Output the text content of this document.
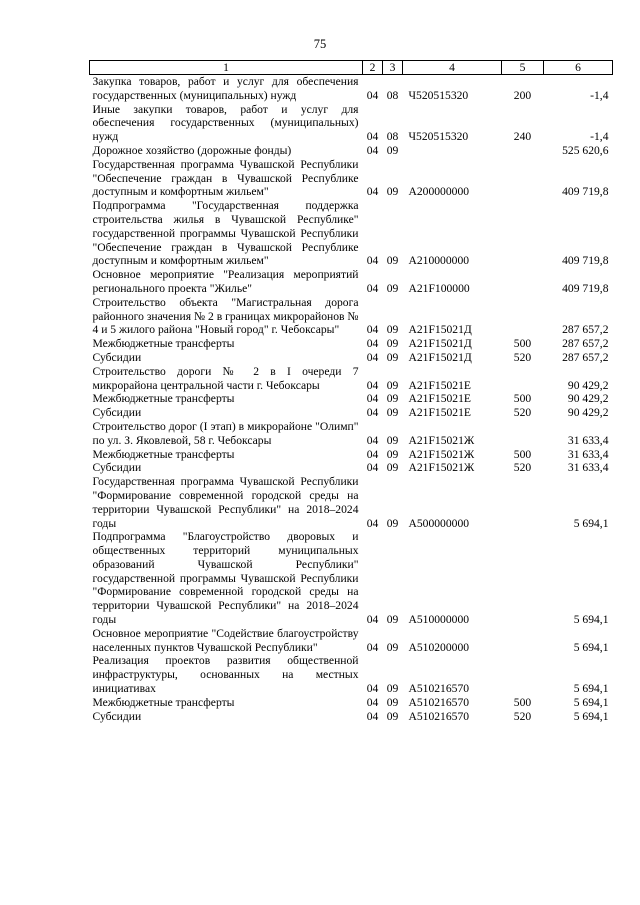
75
1	2	3	4	5	6
Закупка товаров, работ и услуг для обеспечения государственных (муниципальных) нужд	04	08	Ч520515320	200	-1,4
Иные закупки товаров, работ и услуг для обеспечения государственных (муниципальных) нужд	04	08	Ч520515320	240	-1,4
Дорожное хозяйство (дорожные фонды)	04	09			525 620,6
Государственная программа Чувашской Республики "Обеспечение граждан в Чувашской Республике доступным и комфортным жильем"	04	09	A200000000		409 719,8
Подпрограмма "Государственная поддержка строительства жилья в Чувашской Республике" государственной программы Чувашской Республики "Обеспечение граждан в Чувашской Республике доступным и комфортным жильем"	04	09	A210000000		409 719,8
Основное мероприятие "Реализация мероприятий регионального проекта "Жилье"	04	09	A21F100000		409 719,8
Строительство объекта "Магистральная дорога районного значения № 2 в границах микрорайонов № 4 и 5 жилого района "Новый город" г. Чебоксары"	04	09	A21F15021Д		287 657,2
Межбюджетные трансферты	04	09	A21F15021Д	500	287 657,2
Субсидии	04	09	A21F15021Д	520	287 657,2
Строительство дороги № 2 в I очереди 7 микрорайона центральной части г. Чебоксары	04	09	A21F15021E		90 429,2
Межбюджетные трансферты	04	09	A21F15021E	500	90 429,2
Субсидии	04	09	A21F15021E	520	90 429,2
Строительство дорог (I этап) в микрорайоне "Олимп" по ул. З. Яковлевой, 58 г. Чебоксары	04	09	A21F15021Ж		31 633,4
Межбюджетные трансферты	04	09	A21F15021Ж	500	31 633,4
Субсидии	04	09	A21F15021Ж	520	31 633,4
Государственная программа Чувашской Республики "Формирование современной городской среды на территории Чувашской Республики" на 2018–2024 годы	04	09	A500000000		5 694,1
Подпрограмма "Благоустройство дворовых и общественных территорий муниципальных образований Чувашской Республики" государственной программы Чувашской Республики "Формирование современной городской среды на территории Чувашской Республики" на 2018–2024 годы	04	09	A510000000		5 694,1
Основное мероприятие "Содействие благоустройству населенных пунктов Чувашской Республики"	04	09	A510200000		5 694,1
Реализация проектов развития общественной инфраструктуры, основанных на местных инициативах	04	09	A510216570		5 694,1
Межбюджетные трансферты	04	09	A510216570	500	5 694,1
Субсидии	04	09	A510216570	520	5 694,1
